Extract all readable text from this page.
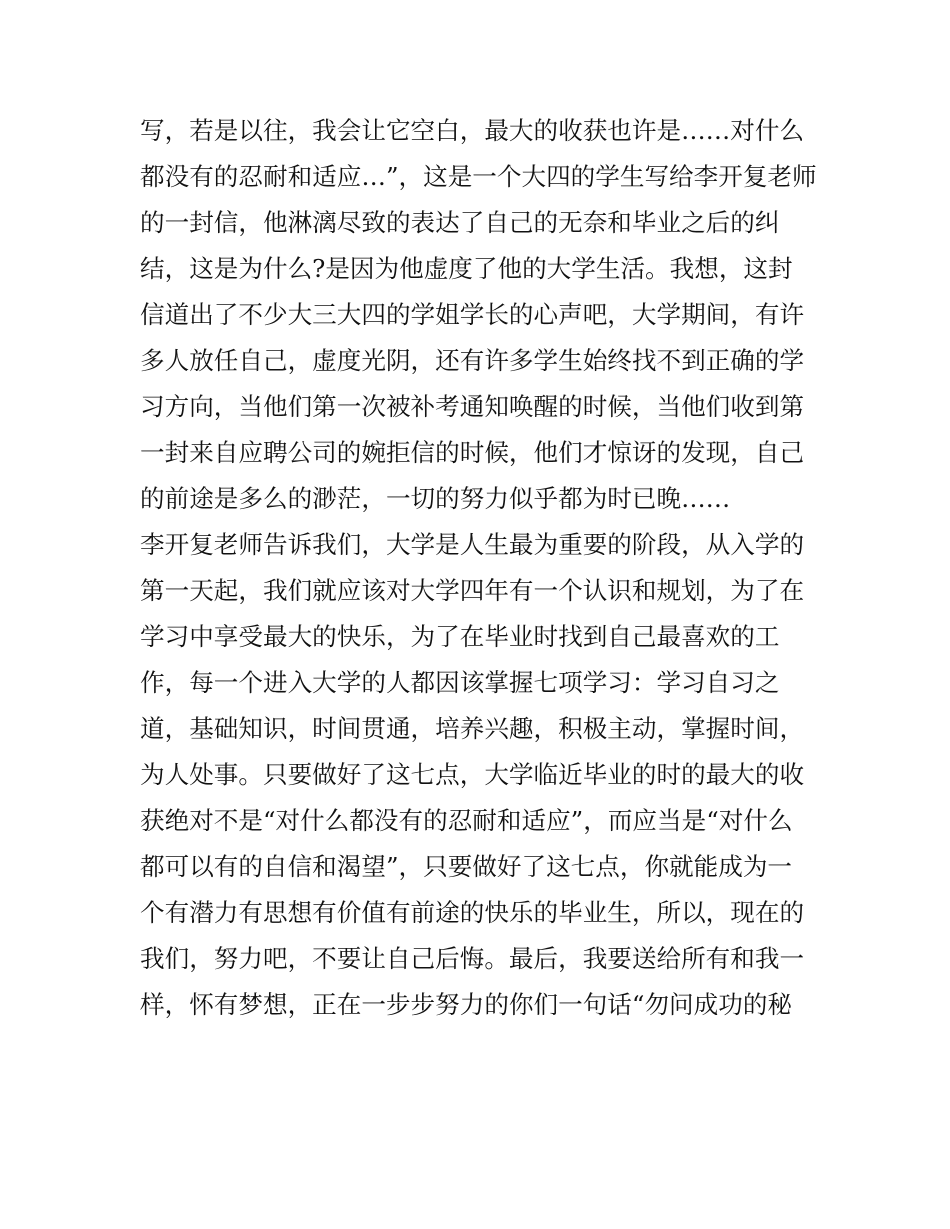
写，若是以往，我会让它空白，最大的收获也许是……对什么
都没有的忍耐和适应…”，这是一个大四的学生写给李开复老师
的一封信，他淋漓尽致的表达了自己的无奈和毕业之后的纠
结，这是为什么?是因为他虚度了他的大学生活。我想，这封
信道出了不少大三大四的学姐学长的心声吧，大学期间，有许
多人放任自己，虚度光阴，还有许多学生始终找不到正确的学
习方向，当他们第一次被补考通知唤醒的时候，当他们收到第
一封来自应聘公司的婉拒信的时候，他们才惊讶的发现，自己
的前途是多么的渺茫，一切的努力似乎都为时已晚……
李开复老师告诉我们，大学是人生最为重要的阶段，从入学的
第一天起，我们就应该对大学四年有一个认识和规划，为了在
学习中享受最大的快乐，为了在毕业时找到自己最喜欢的工
作，每一个进入大学的人都因该掌握七项学习：学习自习之
道，基础知识，时间贯通，培养兴趣，积极主动，掌握时间，
为人处事。只要做好了这七点，大学临近毕业的时的最大的收
获绝对不是“对什么都没有的忍耐和适应”，而应当是“对什么
都可以有的自信和渴望”，只要做好了这七点，你就能成为一
个有潜力有思想有价值有前途的快乐的毕业生，所以，现在的
我们，努力吧，不要让自己后悔。最后，我要送给所有和我一
样，怀有梦想，正在一步步努力的你们一句话“勿问成功的秘
